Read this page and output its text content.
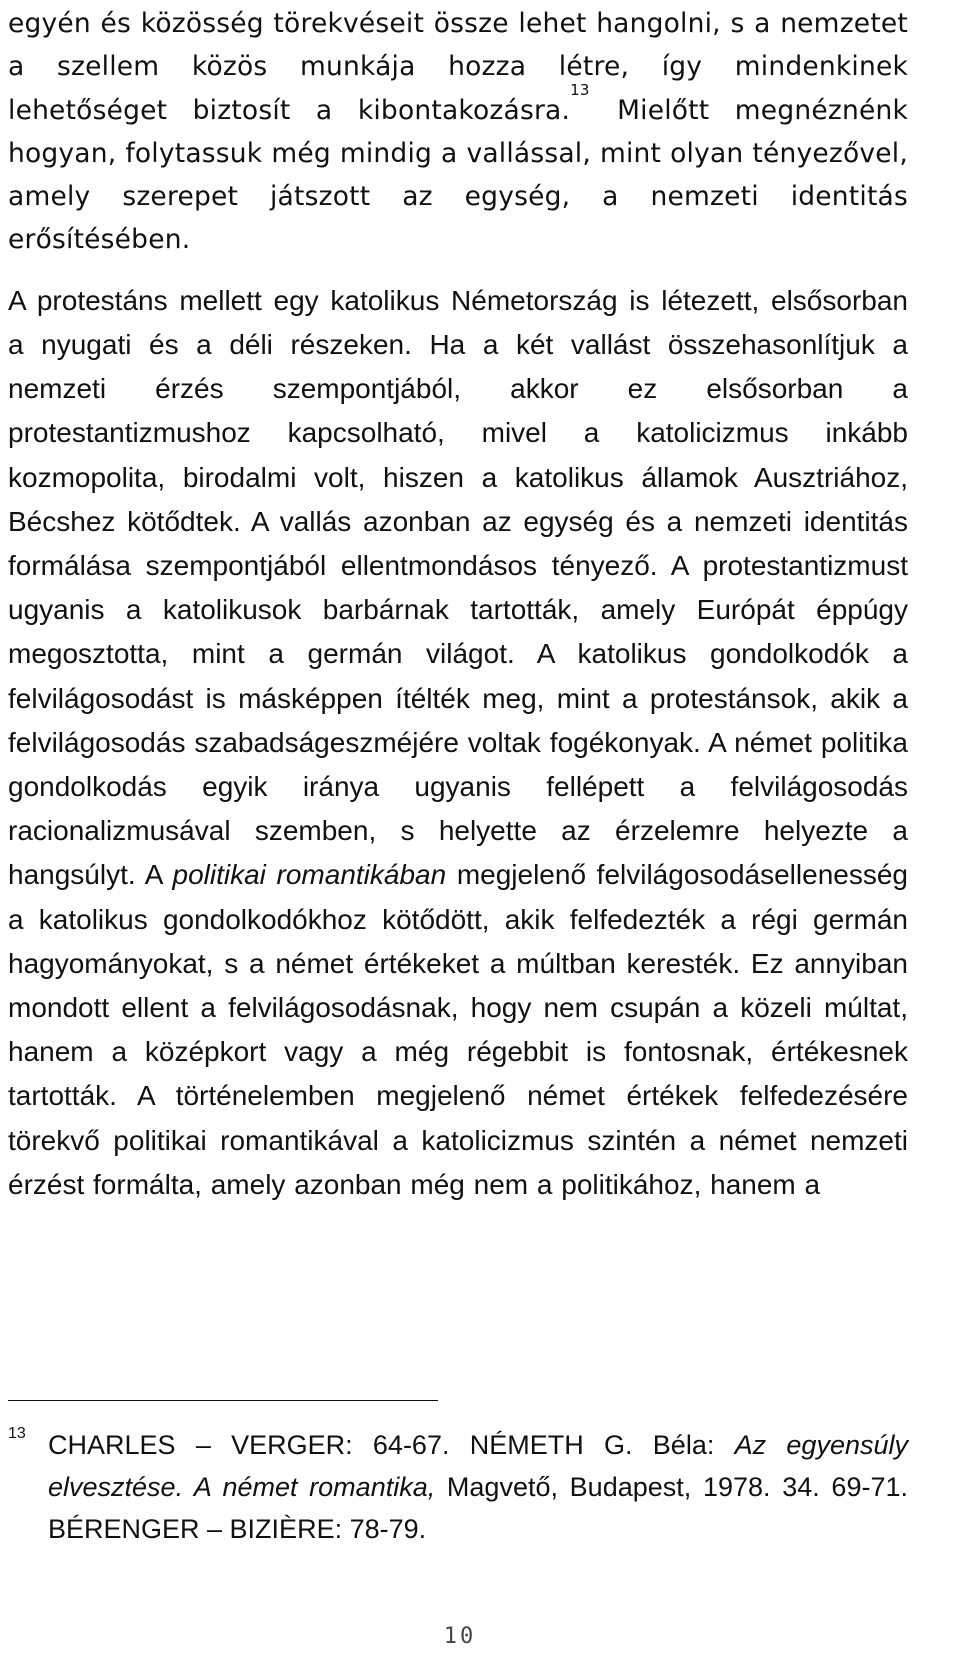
egyén és közösség törekvéseit össze lehet hangolni, s a nemzetet a szellem közös munkája hozza létre, így mindenkinek lehetőséget biztosít a kibontakozásra.$^{13}$ Mielőtt megnéznénk hogyan, folytassuk még mindig a vallással, mint olyan tényezővel, amely szerepet játszott az egység, a nemzeti identitás erősítésében.

A protestáns mellett egy katolikus Németország is létezett, elsősorban a nyugati és a déli részeken. Ha a két vallást összehasonlítjuk a nemzeti érzés szempontjából, akkor ez elsősorban a protestantizmushoz kapcsolható, mivel a katolicizmus inkább kozmopolita, birodalmi volt, hiszen a katolikus államok Ausztriához, Bécshez kötődtek. A vallás azonban az egység és a nemzeti identitás formálása szempontjából ellentmondásos tényező. A protestantizmust ugyanis a katolikusok barbárnak tartották, amely Európát éppúgy megosztotta, mint a germán világot. A katolikus gondolkodók a felvilágosodást is másképpen ítélték meg, mint a protestánsok, akik a felvilágosodás szabadságeszméjére voltak fogékonyak. A német politika gondolkodás egyik iránya ugyanis fellépett a felvilágosodás racionalizmusával szemben, s helyette az érzelemre helyezte a hangsúlyt. A politikai romantikában megjelenő felvilágosodásellenesség a katolikus gondolkodókhoz kötődött, akik felfedezték a régi germán hagyományokat, s a német értékeket a múltban keresték. Ez annyiban mondott ellent a felvilágosodásnak, hogy nem csupán a közeli múltat, hanem a középkort vagy a még régebbit is fontosnak, értékesnek tartották. A történelemben megjelenő német értékek felfedezésére törekvő politikai romantikával a katolicizmus szintén a német nemzeti érzést formálta, amely azonban még nem a politikához, hanem a

13 CHARLES – VERGER: 64-67. NÉMETH G. Béla: Az egyensúly elvesztése. A német romantika, Magvető, Budapest, 1978. 34. 69-71. BÉRENGER – BIZIÈRE: 78-79.
10
